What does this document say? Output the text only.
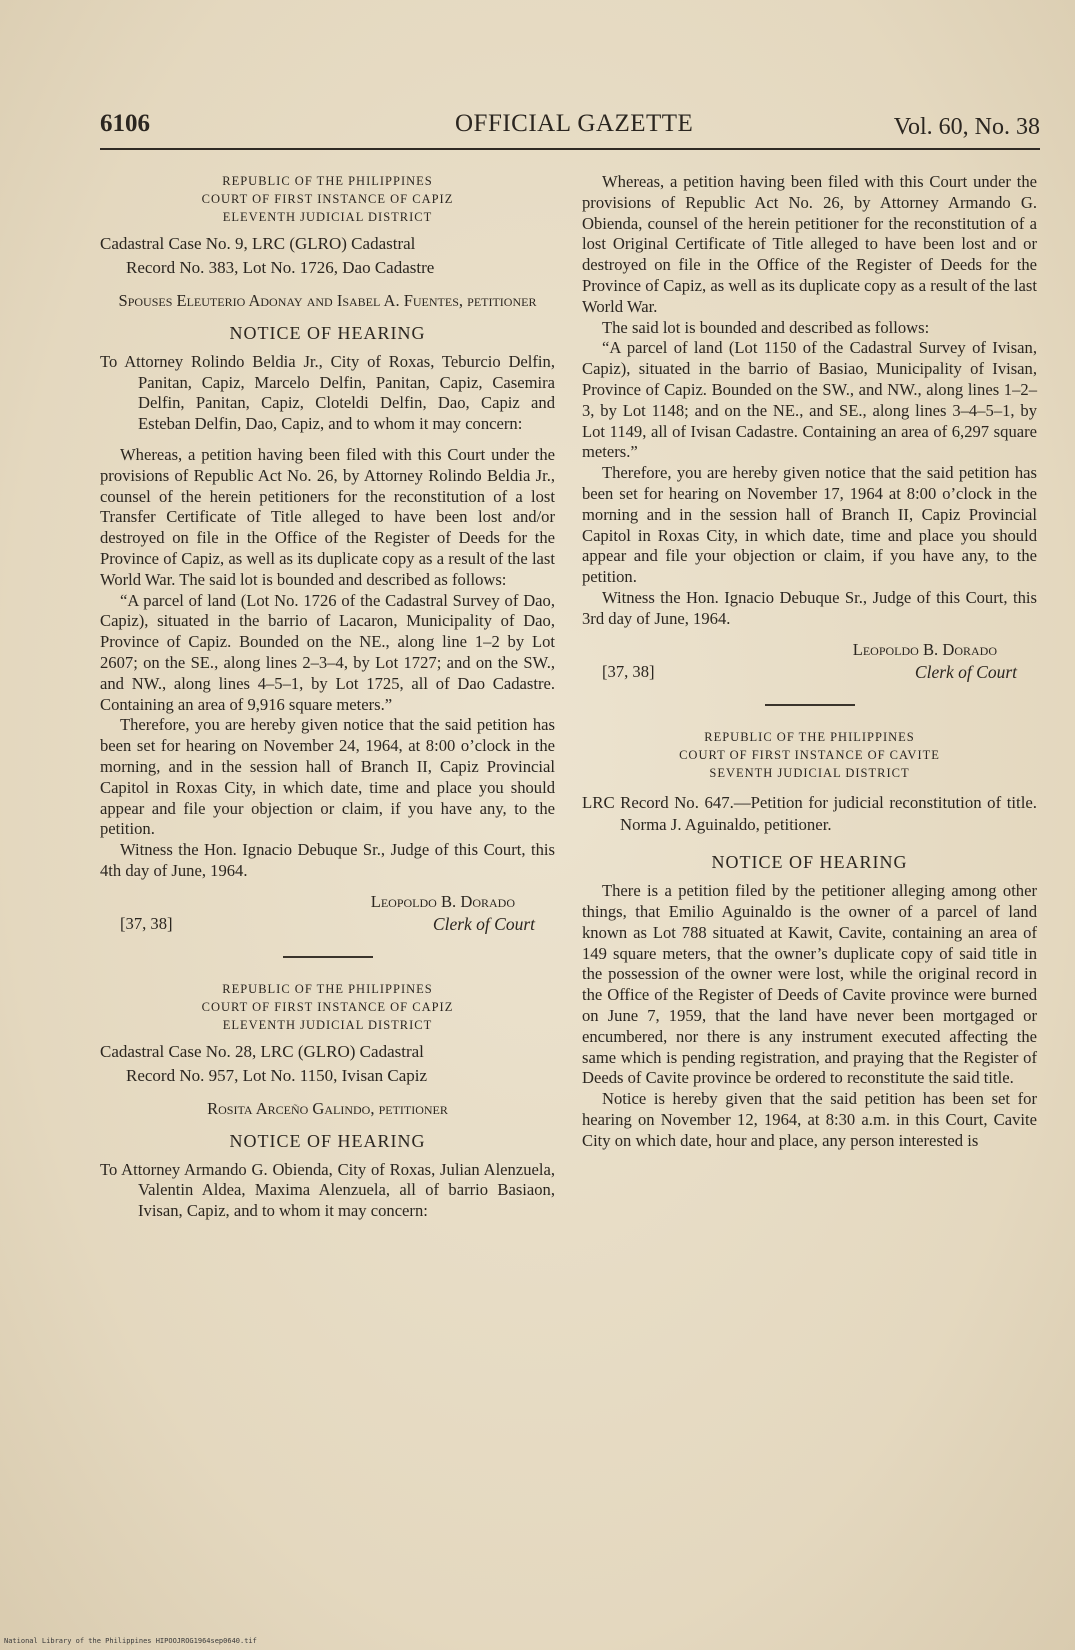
6106	OFFICIAL GAZETTE	Vol. 60, No. 38
REPUBLIC OF THE PHILIPPINES
COURT OF FIRST INSTANCE OF CAPIZ
ELEVENTH JUDICIAL DISTRICT
Cadastral Case No. 9, LRC (GLRO) Cadastral
Record No. 383, Lot No. 1726, Dao Cadastre
Spouses Eleuterio Adonay and Isabel A. Fuentes, petitioner
NOTICE OF HEARING

To Attorney Rolindo Beldia Jr., City of Roxas, Teburcio Delfin, Panitan, Capiz, Marcelo Delfin, Panitan, Capiz, Casemira Delfin, Panitan, Capiz, Cloteldi Delfin, Dao, Capiz and Esteban Delfin, Dao, Capiz, and to whom it may concern:

Whereas, a petition having been filed with this Court under the provisions of Republic Act No. 26, by Attorney Rolindo Beldia Jr., counsel of the herein petitioners for the reconstitution of a lost Transfer Certificate of Title alleged to have been lost and/or destroyed on file in the Office of the Register of Deeds for the Province of Capiz, as well as its duplicate copy as a result of the last World War. The said lot is bounded and described as follows:

“A parcel of land (Lot No. 1726 of the Cadastral Survey of Dao, Capiz), situated in the barrio of Lacaron, Municipality of Dao, Province of Capiz. Bounded on the NE., along line 1–2 by Lot 2607; on the SE., along lines 2–3–4, by Lot 1727; and on the SW., and NW., along lines 4–5–1, by Lot 1725, all of Dao Cadastre. Containing an area of 9,916 square meters.”

Therefore, you are hereby given notice that the said petition has been set for hearing on November 24, 1964, at 8:00 o’clock in the morning, and in the session hall of Branch II, Capiz Provincial Capitol in Roxas City, in which date, time and place you should appear and file your objection or claim, if you have any, to the petition.

Witness the Hon. Ignacio Debuque Sr., Judge of this Court, this 4th day of June, 1964.

Leopoldo B. Dorado
[37, 38]	Clerk of Court
REPUBLIC OF THE PHILIPPINES
COURT OF FIRST INSTANCE OF CAPIZ
ELEVENTH JUDICIAL DISTRICT
Cadastral Case No. 28, LRC (GLRO) Cadastral
Record No. 957, Lot No. 1150, Ivisan Capiz
Rosita Arceño Galindo, petitioner
NOTICE OF HEARING

To Attorney Armando G. Obienda, City of Roxas, Julian Alenzuela, Valentin Aldea, Maxima Alenzuela, all of barrio Basiaon, Ivisan, Capiz, and to whom it may concern:

Whereas, a petition having been filed with this Court under the provisions of Republic Act No. 26, by Attorney Armando G. Obienda, counsel of the herein petitioner for the reconstitution of a lost Original Certificate of Title alleged to have been lost and or destroyed on file in the Office of the Register of Deeds for the Province of Capiz, as well as its duplicate copy as a result of the last World War.

The said lot is bounded and described as follows:

“A parcel of land (Lot 1150 of the Cadastral Survey of Ivisan, Capiz), situated in the barrio of Basiao, Municipality of Ivisan, Province of Capiz. Bounded on the SW., and NW., along lines 1–2–3, by Lot 1148; and on the NE., and SE., along lines 3–4–5–1, by Lot 1149, all of Ivisan Cadastre. Containing an area of 6,297 square meters.”

Therefore, you are hereby given notice that the said petition has been set for hearing on November 17, 1964 at 8:00 o’clock in the morning and in the session hall of Branch II, Capiz Provincial Capitol in Roxas City, in which date, time and place you should appear and file your objection or claim, if you have any, to the petition.

Witness the Hon. Ignacio Debuque Sr., Judge of this Court, this 3rd day of June, 1964.

Leopoldo B. Dorado
[37, 38]	Clerk of Court
REPUBLIC OF THE PHILIPPINES
COURT OF FIRST INSTANCE OF CAVITE
SEVENTH JUDICIAL DISTRICT

LRC Record No. 647.—Petition for judicial reconstitution of title. Norma J. Aguinaldo, petitioner.

NOTICE OF HEARING

There is a petition filed by the petitioner alleging among other things, that Emilio Aguinaldo is the owner of a parcel of land known as Lot 788 situated at Kawit, Cavite, containing an area of 149 square meters, that the owner’s duplicate copy of said title in the possession of the owner were lost, while the original record in the Office of the Register of Deeds of Cavite province were burned on June 7, 1959, that the land have never been mortgaged or encumbered, nor there is any instrument executed affecting the same which is pending registration, and praying that the Register of Deeds of Cavite province be ordered to reconstitute the said title.

Notice is hereby given that the said petition has been set for hearing on November 12, 1964, at 8:30 a.m. in this Court, Cavite City on which date, hour and place, any person interested is

National Library of the Philippines HIPOOJROG1964sep0640.tif
